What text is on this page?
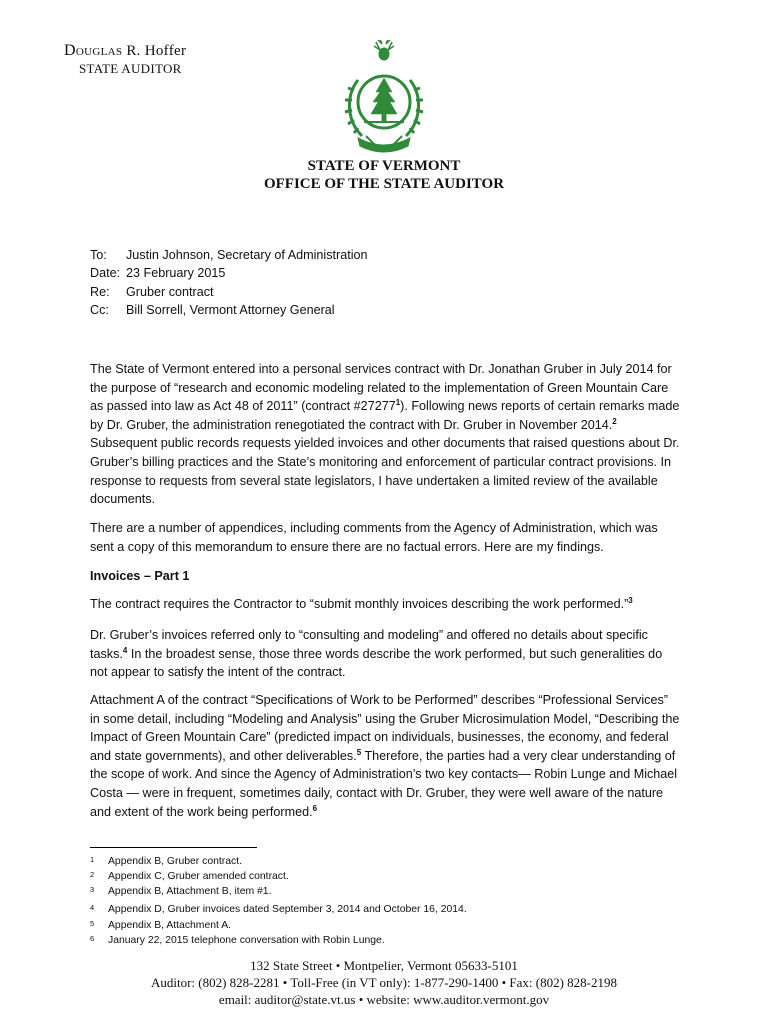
Douglas R. Hoffer
STATE AUDITOR
STATE OF VERMONT
OFFICE OF THE STATE AUDITOR
To: Justin Johnson, Secretary of Administration
Date: 23 February 2015
Re: Gruber contract
Cc: Bill Sorrell, Vermont Attorney General

The State of Vermont entered into a personal services contract with Dr. Jonathan Gruber in July 2014 for the purpose of “research and economic modeling related to the implementation of Green Mountain Care as passed into law as Act 48 of 2011” (contract #27277$^1$). Following news reports of certain remarks made by Dr. Gruber, the administration renegotiated the contract with Dr. Gruber in November 2014.$^2$ Subsequent public records requests yielded invoices and other documents that raised questions about Dr. Gruber’s billing practices and the State’s monitoring and enforcement of particular contract provisions. In response to requests from several state legislators, I have undertaken a limited review of the available documents.

There are a number of appendices, including comments from the Agency of Administration, which was sent a copy of this memorandum to ensure there are no factual errors. Here are my findings.

Invoices – Part 1

The contract requires the Contractor to “submit monthly invoices describing the work performed.”$^3$

Dr. Gruber’s invoices referred only to “consulting and modeling” and offered no details about specific tasks.$^4$ In the broadest sense, those three words describe the work performed, but such generalities do not appear to satisfy the intent of the contract.

Attachment A of the contract “Specifications of Work to be Performed” describes “Professional Services” in some detail, including “Modeling and Analysis” using the Gruber Microsimulation Model, “Describing the Impact of Green Mountain Care” (predicted impact on individuals, businesses, the economy, and federal and state governments), and other deliverables.$^5$ Therefore, the parties had a very clear understanding of the scope of work. And since the Agency of Administration’s two key contacts— Robin Lunge and Michael Costa — were in frequent, sometimes daily, contact with Dr. Gruber, they were well aware of the nature and extent of the work being performed.$^6$

1 Appendix B, Gruber contract.
2 Appendix C, Gruber amended contract.
3 Appendix B, Attachment B, item #1.
4 Appendix D, Gruber invoices dated September 3, 2014 and October 16, 2014.
5 Appendix B, Attachment A.
6 January 22, 2015 telephone conversation with Robin Lunge.
132 State Street • Montpelier, Vermont 05633-5101
Auditor: (802) 828-2281 • Toll-Free (in VT only): 1-877-290-1400 • Fax: (802) 828-2198
email: auditor@state.vt.us • website: www.auditor.vermont.gov
